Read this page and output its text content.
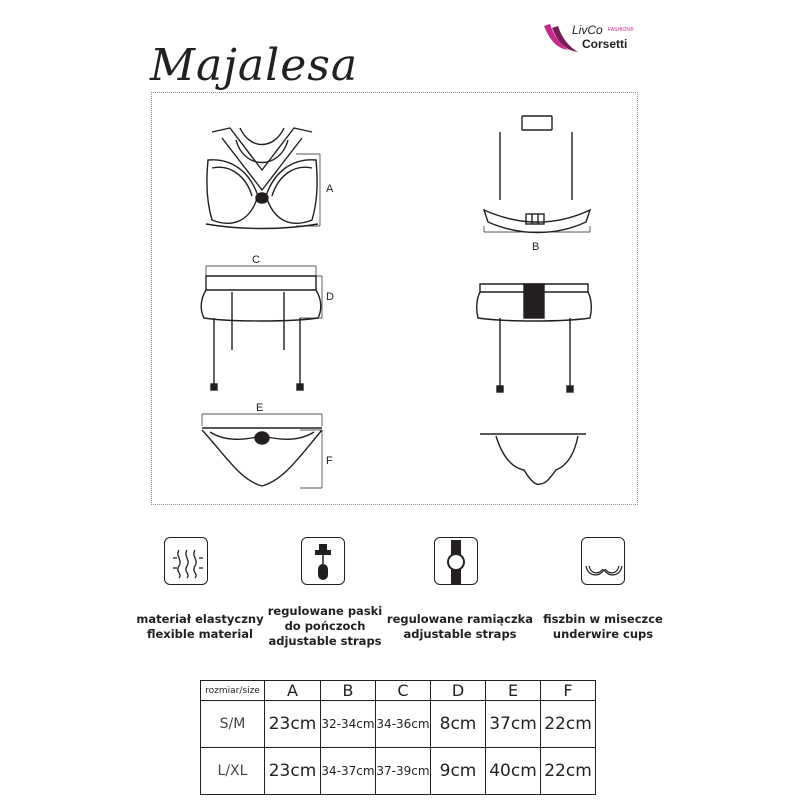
LivCo FASHION®
Corsetti
Majalesa
A
B
C
D
E
F
materiał elastyczny
flexible material
regulowane paski
do pończoch
adjustable straps
regulowane ramiączka
adjustable straps
fiszbin w miseczce
underwire cups
rozmiar/size	A	B	C	D	E	F
S/M	23cm	32-34cm	34-36cm	8cm	37cm	22cm
L/XL	23cm	34-37cm	37-39cm	9cm	40cm	22cm
